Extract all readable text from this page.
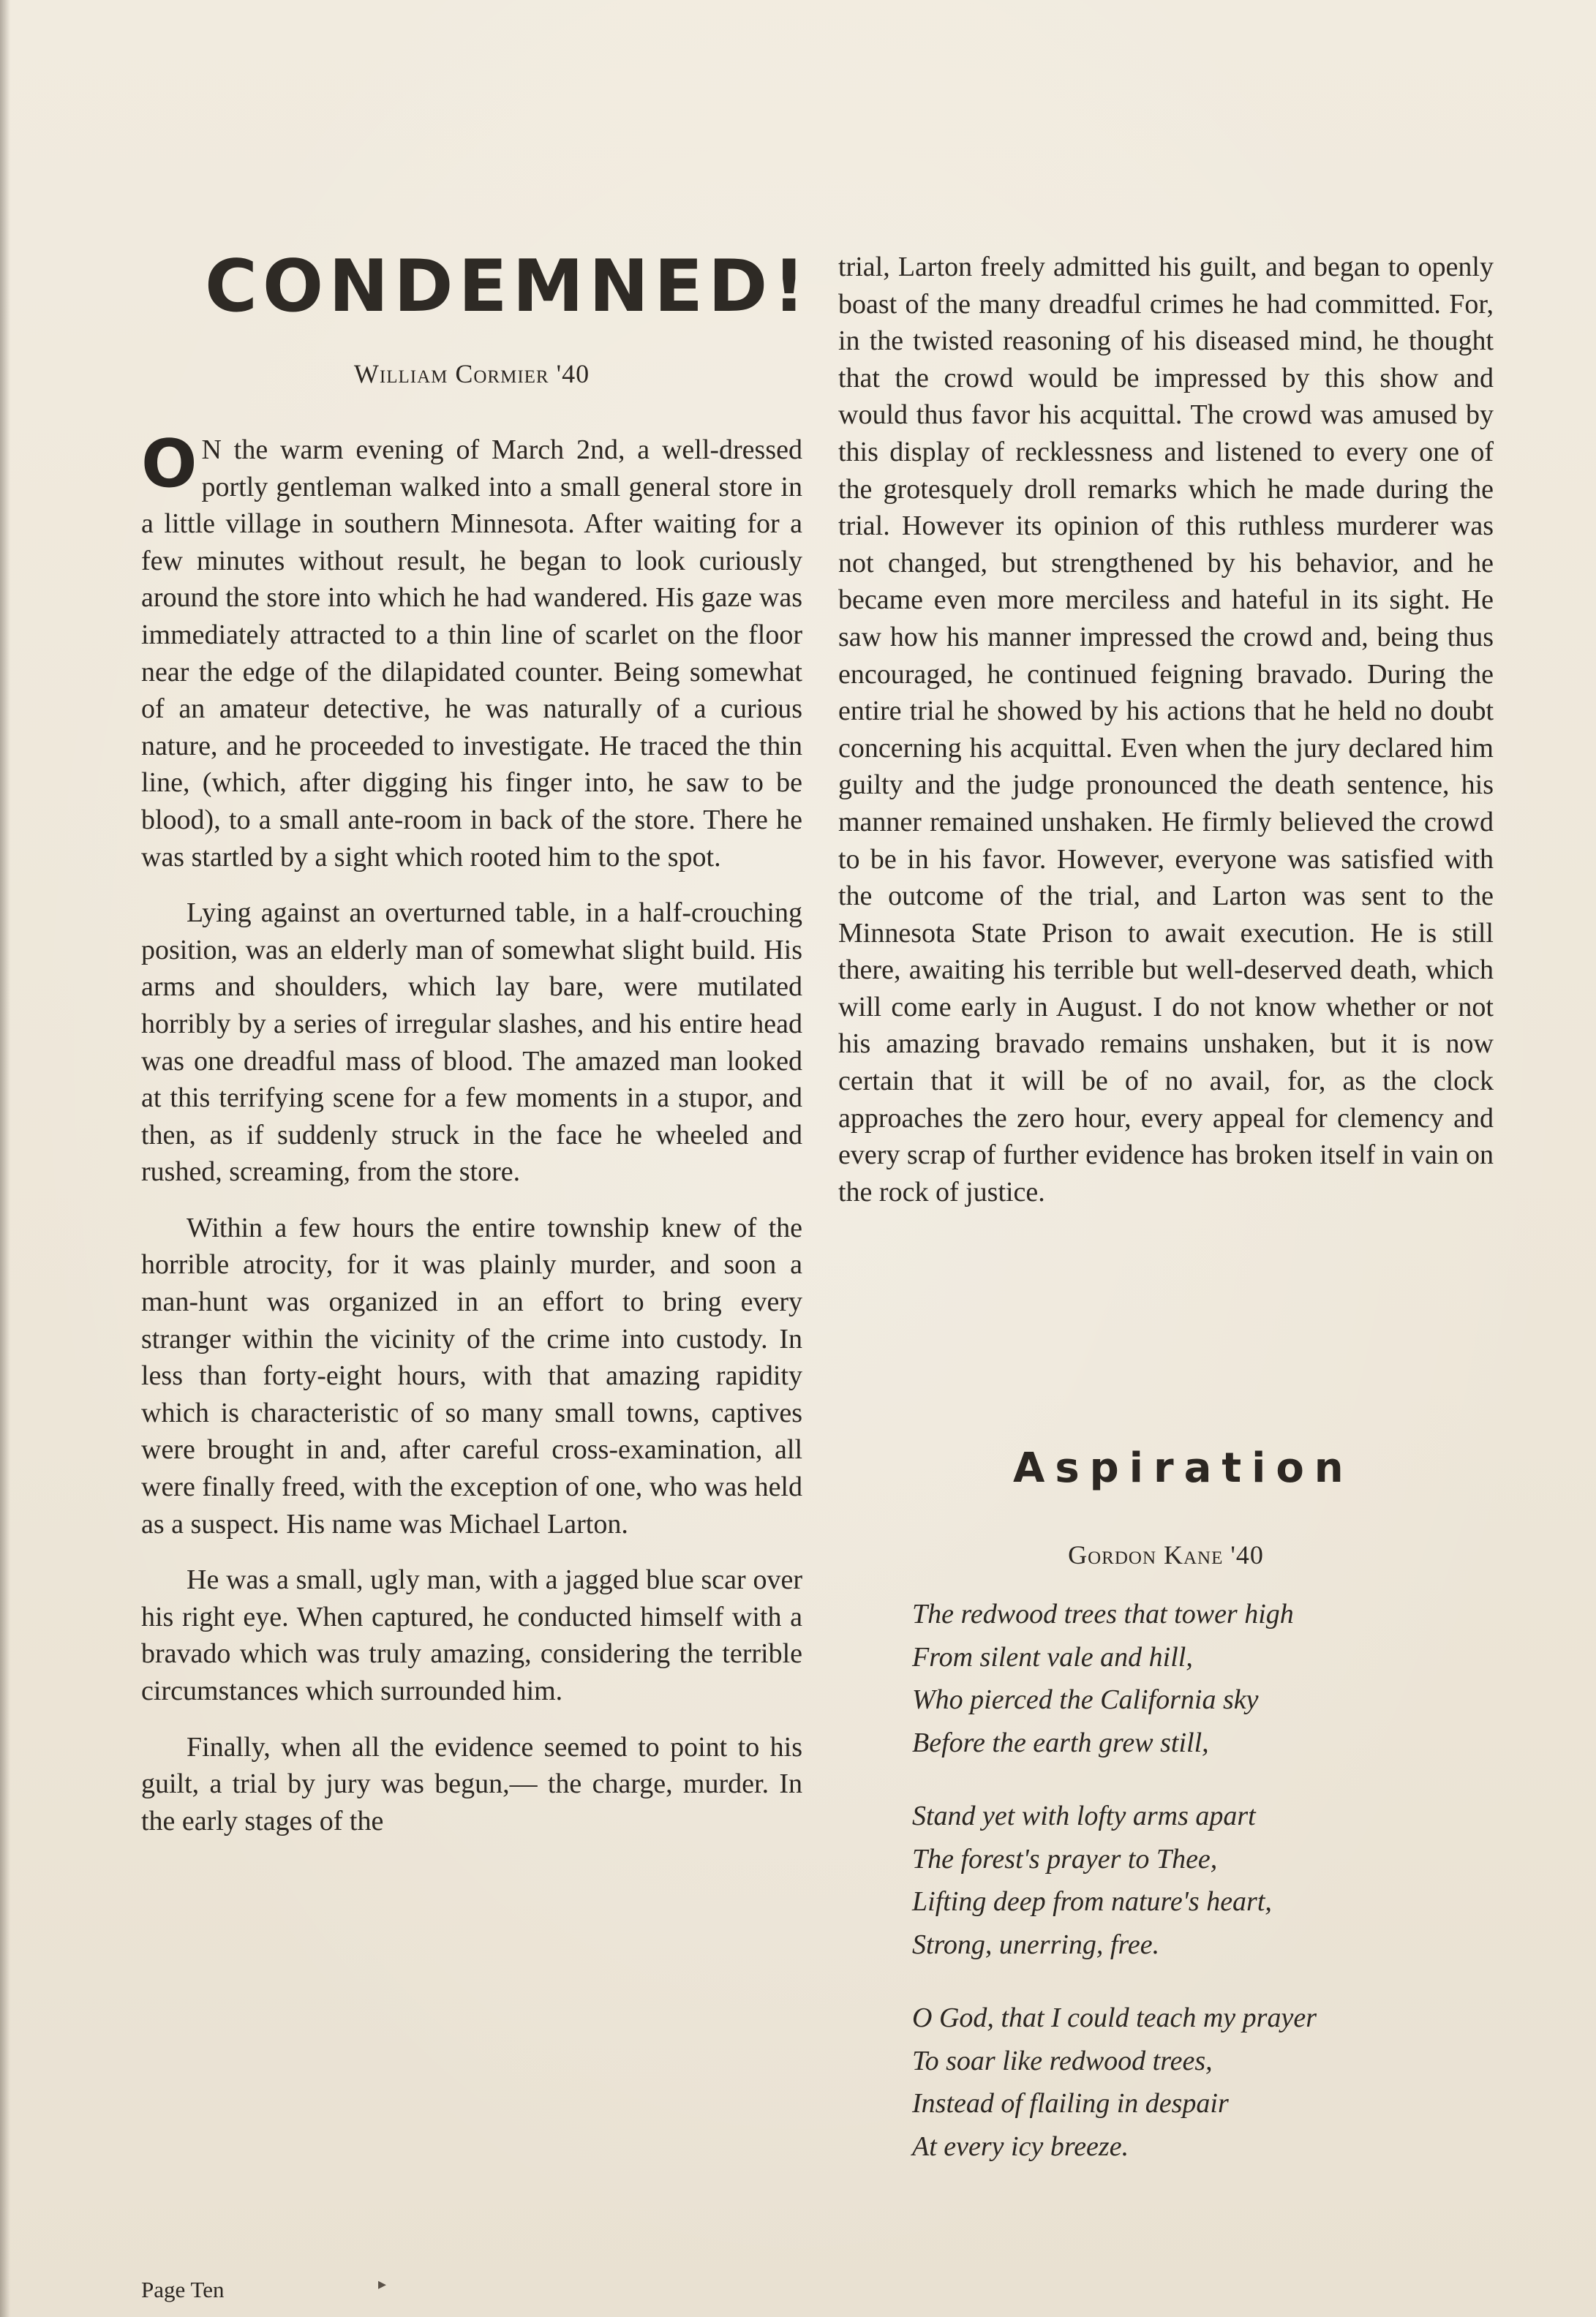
CONDEMNED!

William Cormier '40

O N the warm evening of March 2nd, a well-dressed portly gentleman walked into a small general store in a little village in southern Minnesota. After waiting for a few minutes without result, he began to look curiously around the store into which he had wandered. His gaze was immediately attracted to a thin line of scarlet on the floor near the edge of the dilapidated counter. Being somewhat of an amateur detective, he was naturally of a curious nature, and he proceeded to investigate. He traced the thin line, (which, after digging his finger into, he saw to be blood), to a small ante-room in back of the store. There he was startled by a sight which rooted him to the spot.

Lying against an overturned table, in a half-crouching position, was an elderly man of somewhat slight build. His arms and shoulders, which lay bare, were mutilated horribly by a series of irregular slashes, and his entire head was one dreadful mass of blood. The amazed man looked at this terrifying scene for a few moments in a stupor, and then, as if suddenly struck in the face he wheeled and rushed, screaming, from the store.

Within a few hours the entire township knew of the horrible atrocity, for it was plainly murder, and soon a man-hunt was organized in an effort to bring every stranger within the vicinity of the crime into custody. In less than forty-eight hours, with that amazing rapidity which is characteristic of so many small towns, captives were brought in and, after careful cross-examination, all were finally freed, with the exception of one, who was held as a suspect. His name was Michael Larton.

He was a small, ugly man, with a jagged blue scar over his right eye. When captured, he conducted himself with a bravado which was truly amazing, considering the terrible circumstances which surrounded him.

Finally, when all the evidence seemed to point to his guilt, a trial by jury was begun,— the charge, murder. In the early stages of the

trial, Larton freely admitted his guilt, and began to openly boast of the many dreadful crimes he had committed. For, in the twisted reasoning of his diseased mind, he thought that the crowd would be impressed by this show and would thus favor his acquittal. The crowd was amused by this display of recklessness and listened to every one of the grotesquely droll remarks which he made during the trial. However its opinion of this ruthless murderer was not changed, but strengthened by his behavior, and he became even more merciless and hateful in its sight. He saw how his manner impressed the crowd and, being thus encouraged, he continued feigning bravado. During the entire trial he showed by his actions that he held no doubt concerning his acquittal. Even when the jury declared him guilty and the judge pronounced the death sentence, his manner remained unshaken. He firmly believed the crowd to be in his favor. However, everyone was satisfied with the outcome of the trial, and Larton was sent to the Minnesota State Prison to await execution. He is still there, awaiting his terrible but well-deserved death, which will come early in August. I do not know whether or not his amazing bravado remains unshaken, but it is now certain that it will be of no avail, for, as the clock approaches the zero hour, every appeal for clemency and every scrap of further evidence has broken itself in vain on the rock of justice.

Aspiration

Gordon Kane '40

The redwood trees that tower high
From silent vale and hill,
Who pierced the California sky
Before the earth grew still,
Stand yet with lofty arms apart
The forest's prayer to Thee,
Lifting deep from nature's heart,
Strong, unerring, free.
O God, that I could teach my prayer
To soar like redwood trees,
Instead of flailing in despair
At every icy breeze.

Page Ten	▸
